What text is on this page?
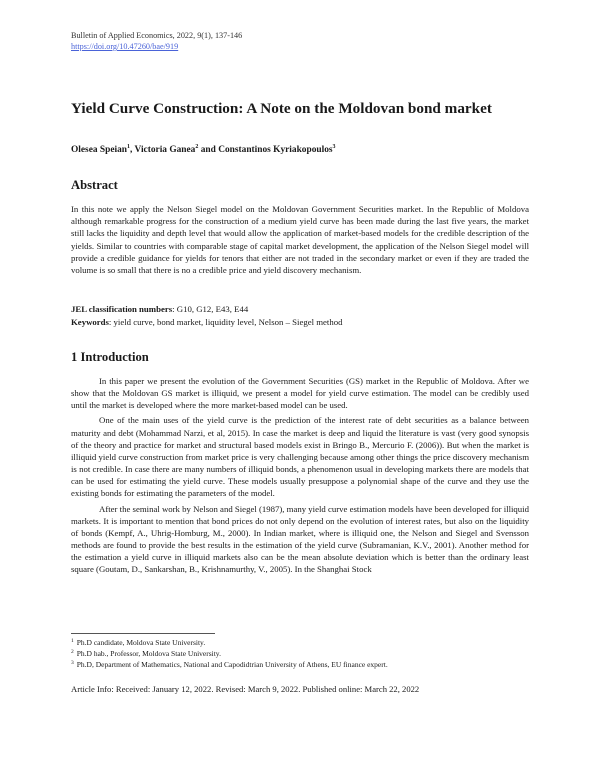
Bulletin of Applied Economics, 2022, 9(1), 137-146
https://doi.org/10.47260/bae/919
Yield Curve Construction: A Note on the Moldovan bond market
Olesea Speian$^1$, Victoria Ganea$^2$ and Constantinos Kyriakopoulos$^3$
Abstract
In this note we apply the Nelson Siegel model on the Moldovan Government Securities market. In the Republic of Moldova although remarkable progress for the construction of a medium yield curve has been made during the last five years, the market still lacks the liquidity and depth level that would allow the application of market-based models for the credible description of the yields. Similar to countries with comparable stage of capital market development, the application of the Nelson Siegel model will provide a credible guidance for yields for tenors that either are not traded in the secondary market or even if they are traded the volume is so small that there is no a credible price and yield discovery mechanism.
JEL classification numbers: G10, G12, E43, E44
Keywords: yield curve, bond market, liquidity level, Nelson – Siegel method
1 Introduction

In this paper we present the evolution of the Government Securities (GS) market in the Republic of Moldova. After we show that the Moldovan GS market is illiquid, we present a model for yield curve estimation. The model can be credibly used until the market is developed where the more market-based model can be used.

One of the main uses of the yield curve is the prediction of the interest rate of debt securities as a balance between maturity and debt (Mohammad Narzi, et al, 2015). In case the market is deep and liquid the literature is vast (very good synopsis of the theory and practice for market and structural based models exist in Bringo B., Mercurio F. (2006)). But when the market is illiquid yield curve construction from market price is very challenging because among other things the price discovery mechanism is not credible. In case there are many numbers of illiquid bonds, a phenomenon usual in developing markets there are models that can be used for estimating the yield curve. These models usually presuppose a polynomial shape of the curve and they use the existing bonds for estimating the parameters of the model.

After the seminal work by Nelson and Siegel (1987), many yield curve estimation models have been developed for illiquid markets. It is important to mention that bond prices do not only depend on the evolution of interest rates, but also on the liquidity of bonds (Kempf, A., Uhrig-Homburg, M., 2000). In Indian market, where is illiquid one, the Nelson and Siegel and Svensson methods are found to provide the best results in the estimation of the yield curve (Subramanian, K.V., 2001). Another method for the estimation a yield curve in illiquid markets also can be the mean absolute deviation which is better than the ordinary least square (Goutam, D., Sankarshan, B., Krishnamurthy, V., 2005). In the Shanghai Stock

$^1$ Ph.D candidate, Moldova State University.
$^2$ Ph.D hab., Professor, Moldova State University.
$^3$ Ph.D, Department of Mathematics, National and Capodidtrian University of Athens, EU finance expert.
Article Info: Received: January 12, 2022. Revised: March 9, 2022. Published online: March 22, 2022
